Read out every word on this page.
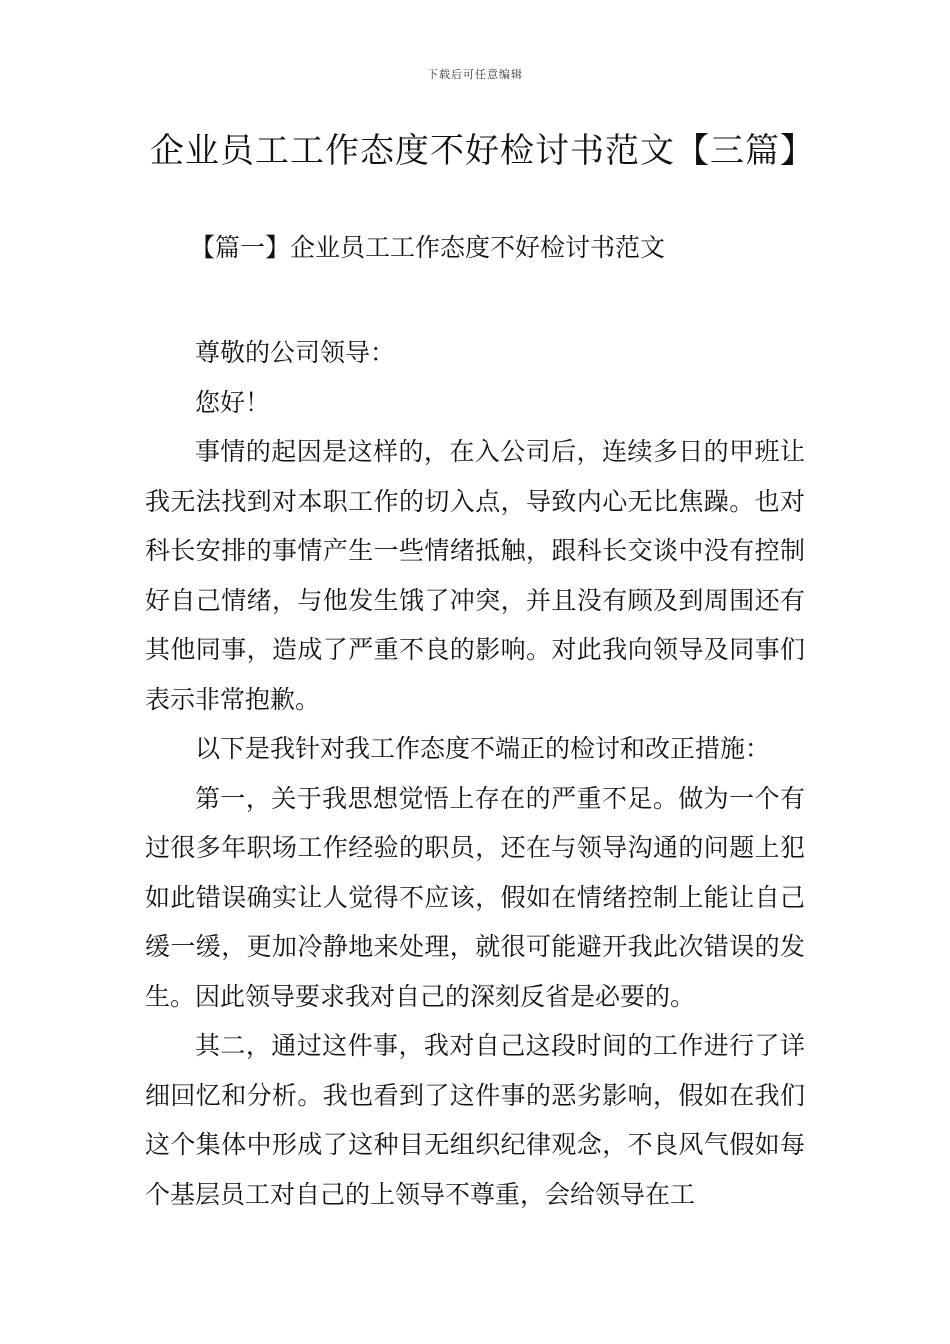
下载后可任意编辑
企业员工工作态度不好检讨书范文【三篇】
【篇一】企业员工工作态度不好检讨书范文

尊敬的公司领导：

您好！

事情的起因是这样的，在入公司后，连续多日的甲班让我无法找到对本职工作的切入点，导致内心无比焦躁。也对科长安排的事情产生一些情绪抵触，跟科长交谈中没有控制好自己情绪，与他发生饿了冲突，并且没有顾及到周围还有其他同事，造成了严重不良的影响。对此我向领导及同事们表示非常抱歉。

以下是我针对我工作态度不端正的检讨和改正措施：

第一，关于我思想觉悟上存在的严重不足。做为一个有过很多年职场工作经验的职员，还在与领导沟通的问题上犯如此错误确实让人觉得不应该，假如在情绪控制上能让自己缓一缓，更加冷静地来处理，就很可能避开我此次错误的发生。因此领导要求我对自己的深刻反省是必要的。

其二，通过这件事，我对自己这段时间的工作进行了详细回忆和分析。我也看到了这件事的恶劣影响，假如在我们这个集体中形成了这种目无组织纪律观念，不良风气假如每个基层员工对自己的上领导不尊重，会给领导在工
